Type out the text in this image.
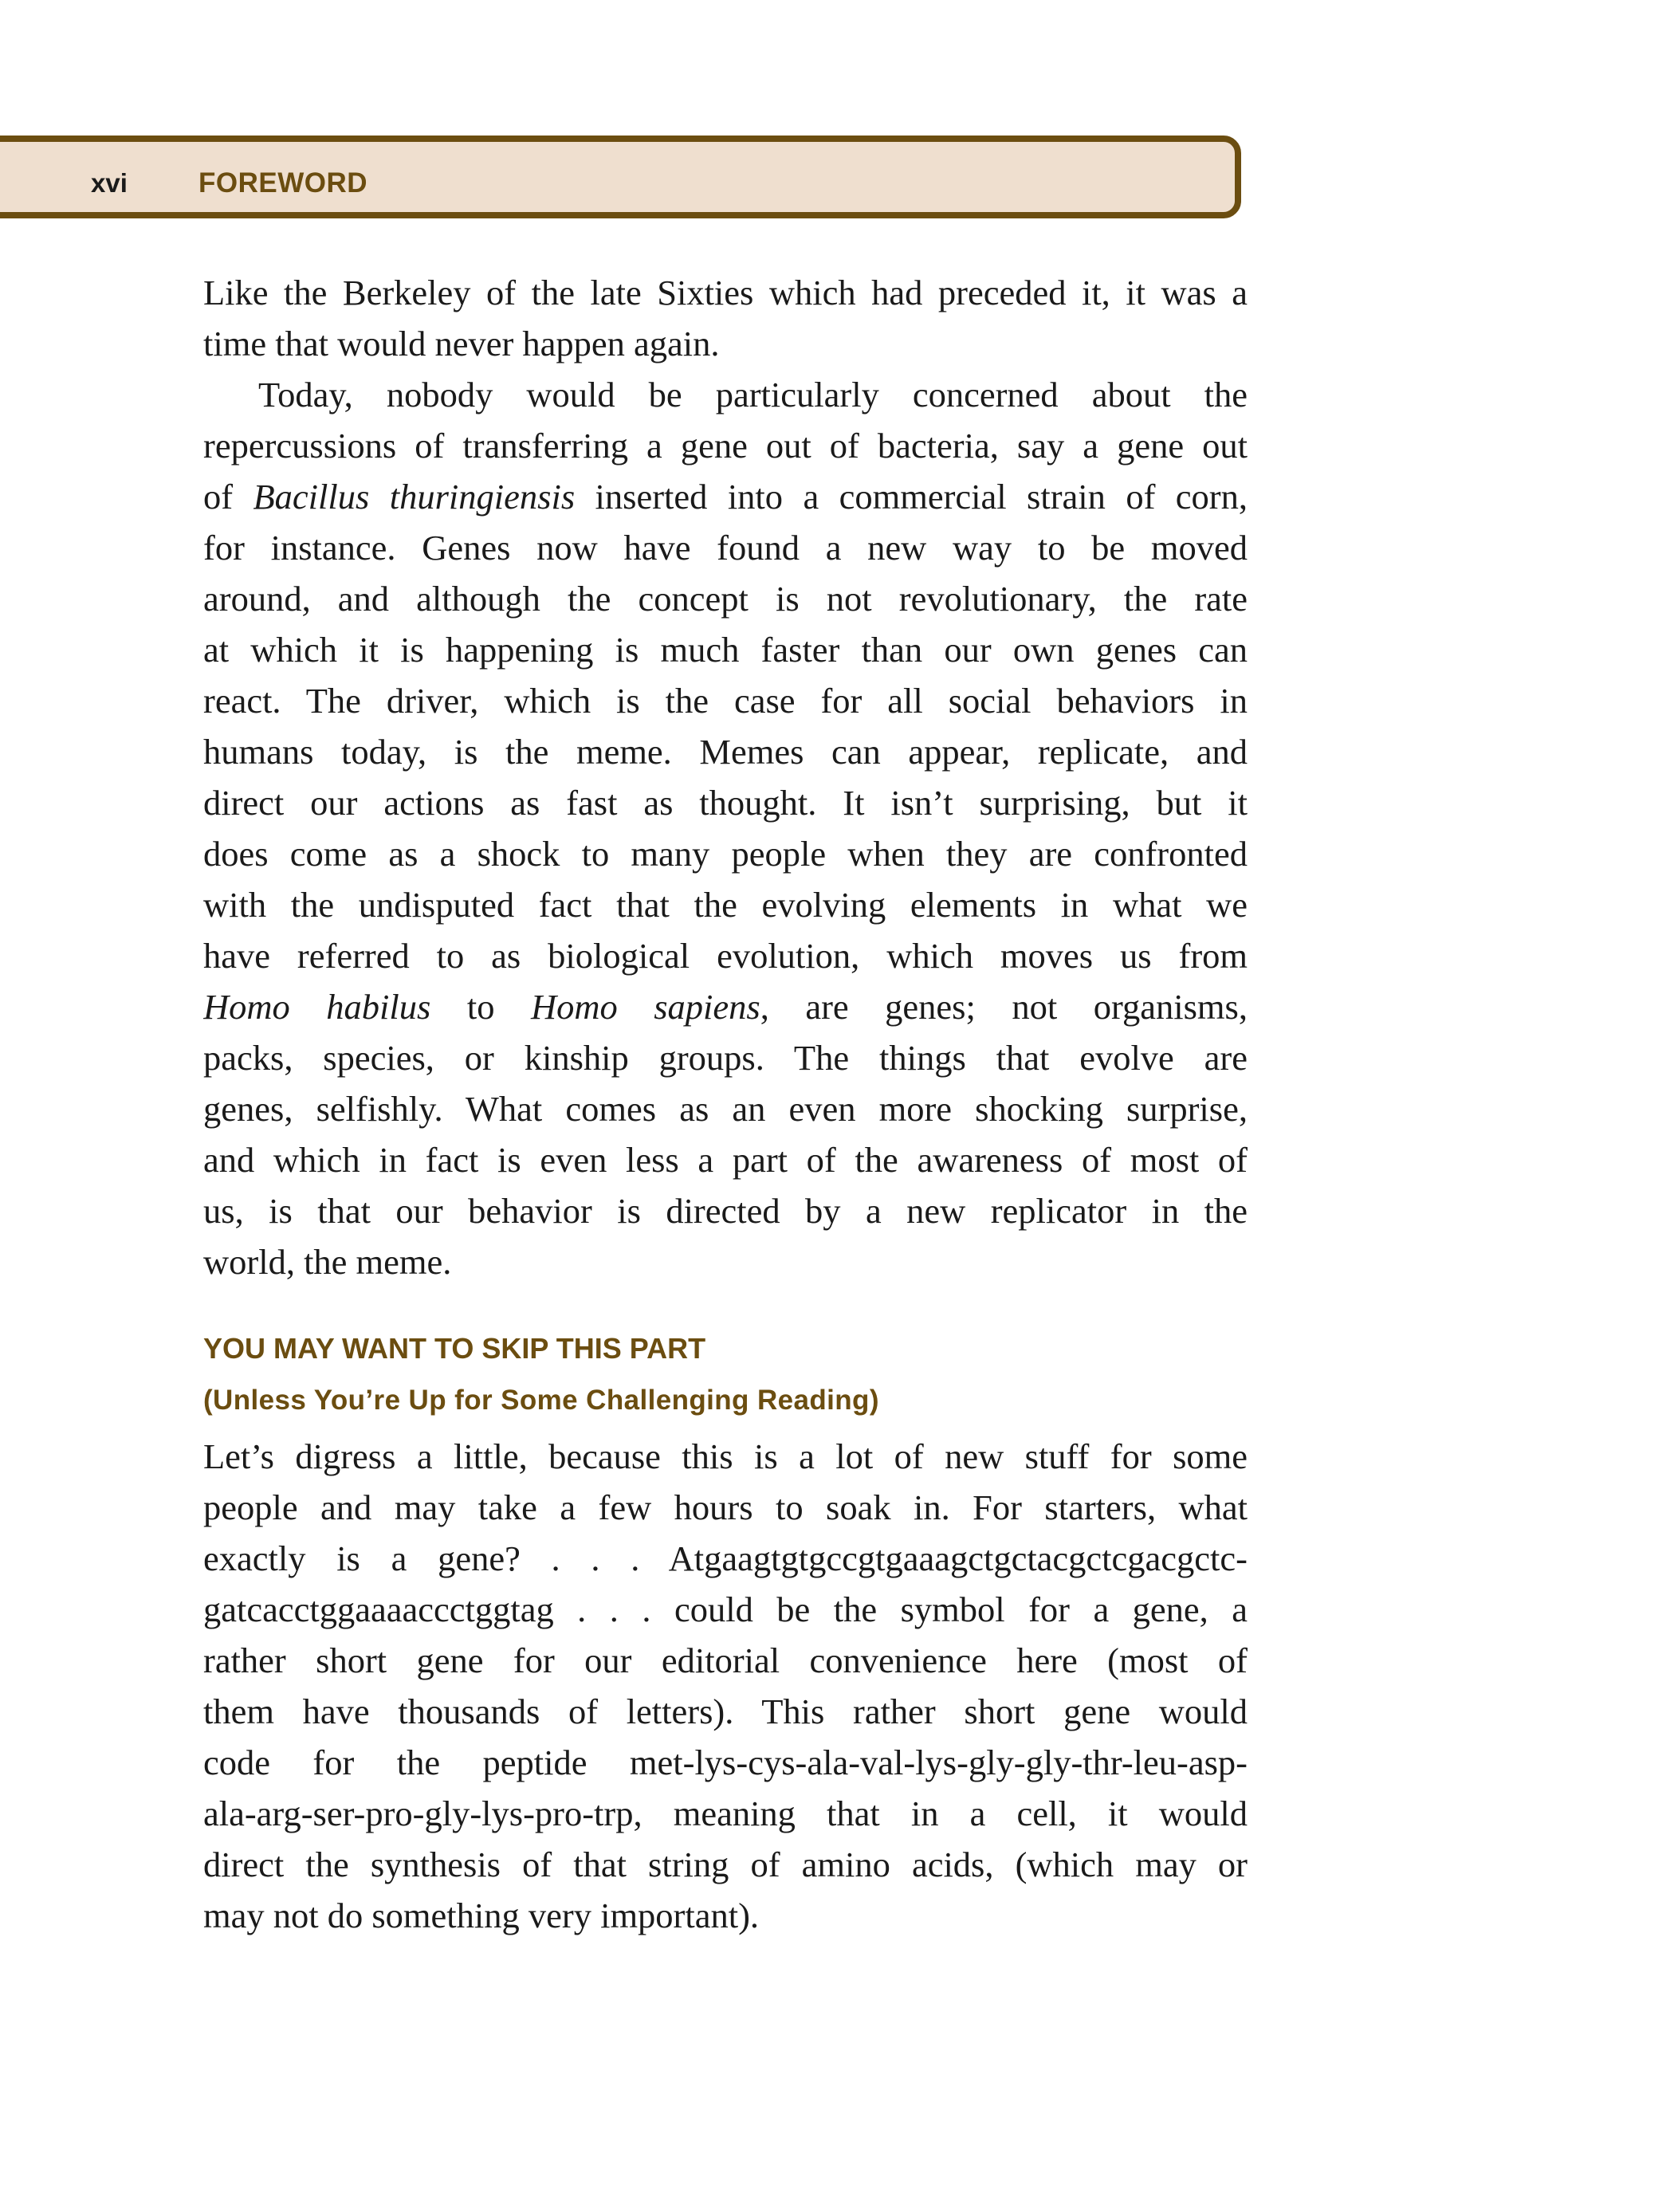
xvi	FOREWORD
Like the Berkeley of the late Sixties which had preceded it, it was a
time that would never happen again.
Today, nobody would be particularly concerned about the
repercussions of transferring a gene out of bacteria, say a gene out
of Bacillus thuringiensis inserted into a commercial strain of corn,
for instance. Genes now have found a new way to be moved
around, and although the concept is not revolutionary, the rate
at which it is happening is much faster than our own genes can
react. The driver, which is the case for all social behaviors in
humans today, is the meme. Memes can appear, replicate, and
direct our actions as fast as thought. It isn’t surprising, but it
does come as a shock to many people when they are confronted
with the undisputed fact that the evolving elements in what we
have referred to as biological evolution, which moves us from
Homo habilus to Homo sapiens, are genes; not organisms,
packs, species, or kinship groups. The things that evolve are
genes, selfishly. What comes as an even more shocking surprise,
and which in fact is even less a part of the awareness of most of
us, is that our behavior is directed by a new replicator in the
world, the meme.
YOU MAY WANT TO SKIP THIS PART
(Unless You’re Up for Some Challenging Reading)
Let’s digress a little, because this is a lot of new stuff for some
people and may take a few hours to soak in. For starters, what
exactly is a gene? . . . Atgaagtgtgccgtgaaagctgctacgctcgacgctc-
gatcacctggaaaaccctggtag . . . could be the symbol for a gene, a
rather short gene for our editorial convenience here (most of
them have thousands of letters). This rather short gene would
code for the peptide met-lys-cys-ala-val-lys-gly-gly-thr-leu-asp-
ala-arg-ser-pro-gly-lys-pro-trp, meaning that in a cell, it would
direct the synthesis of that string of amino acids, (which may or
may not do something very important).
